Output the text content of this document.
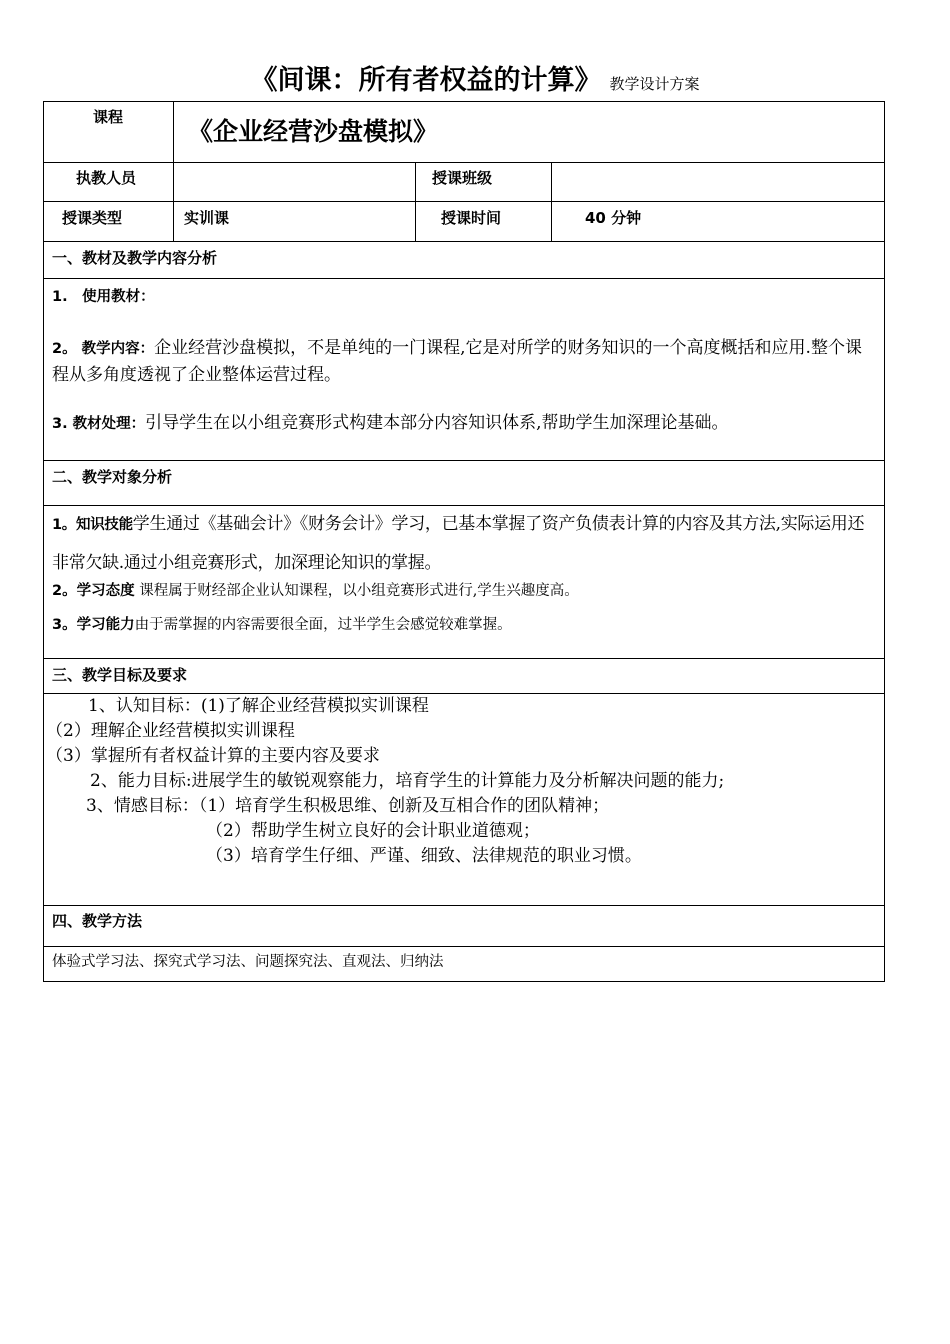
《间课：所有者权益的计算》 教学设计方案
课程	《企业经营沙盘模拟》
执教人员	授课班级
授课类型	实训课	授课时间	40 分钟
一、教材及教学内容分析
1.　使用教材：
2。 教学内容：企业经营沙盘模拟，不是单纯的一门课程,它是对所学的财务知识的一个高度概括和应用.整个课程从多角度透视了企业整体运营过程。
3. 教材处理：引导学生在以小组竞赛形式构建本部分内容知识体系,帮助学生加深理论基础。
二、教学对象分析
1。知识技能学生通过《基础会计》《财务会计》学习，已基本掌握了资产负债表计算的内容及其方法,实际运用还非常欠缺.通过小组竞赛形式，加深理论知识的掌握。
2。学习态度 课程属于财经部企业认知课程，以小组竞赛形式进行,学生兴趣度高。
3。学习能力由于需掌握的内容需要很全面，过半学生会感觉较难掌握。
三、教学目标及要求
1、认知目标：(1)了解企业经营模拟实训课程
（2）理解企业经营模拟实训课程
（3）掌握所有者权益计算的主要内容及要求
2、能力目标:进展学生的敏锐观察能力，培育学生的计算能力及分析解决问题的能力;
3、情感目标：（1）培育学生积极思维、创新及互相合作的团队精神；
（2）帮助学生树立良好的会计职业道德观；
（3）培育学生仔细、严谨、细致、法律规范的职业习惯。
四、教学方法
体验式学习法、探究式学习法、问题探究法、直观法、归纳法
